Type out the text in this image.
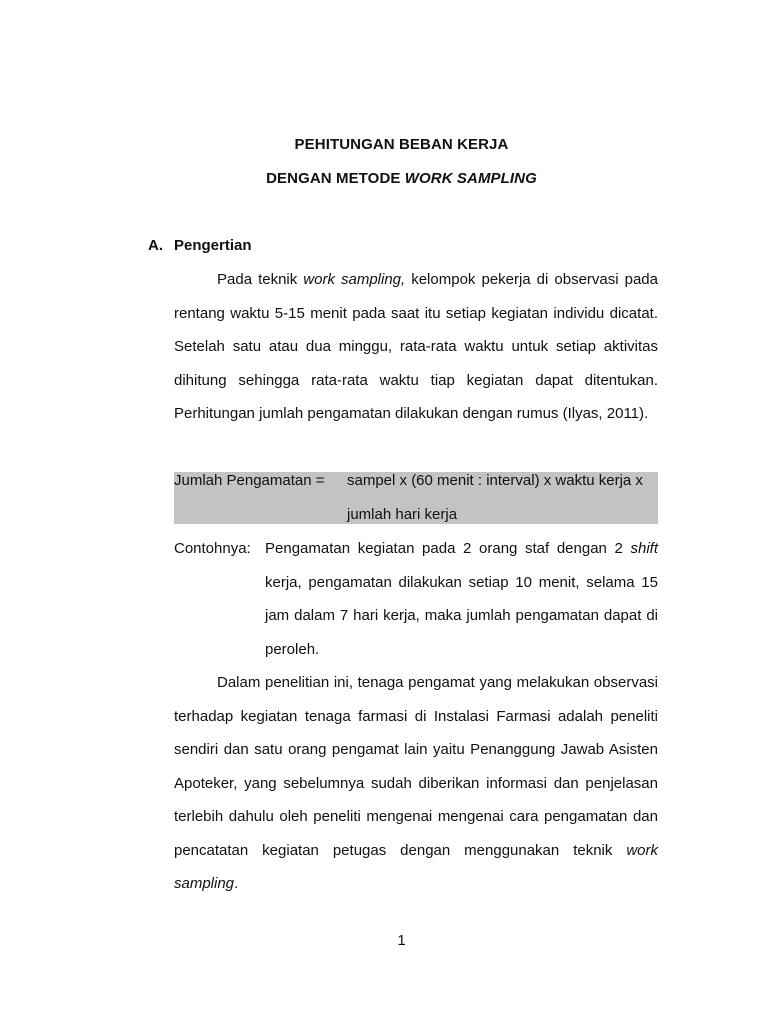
PEHITUNGAN BEBAN KERJA
DENGAN METODE WORK SAMPLING
A. Pengertian

Pada teknik work sampling, kelompok pekerja di observasi pada rentang waktu 5-15 menit pada saat itu setiap kegiatan individu dicatat. Setelah satu atau dua minggu, rata-rata waktu untuk setiap aktivitas dihitung sehingga rata-rata waktu tiap kegiatan dapat ditentukan. Perhitungan jumlah pengamatan dilakukan dengan rumus (Ilyas, 2011).

Jumlah Pengamatan = sampel x (60 menit : interval) x waktu kerja x jumlah hari kerja
Contohnya: Pengamatan kegiatan pada 2 orang staf dengan 2 shift kerja, pengamatan dilakukan setiap 10 menit, selama 15 jam dalam 7 hari kerja, maka jumlah pengamatan dapat di peroleh.

Dalam penelitian ini, tenaga pengamat yang melakukan observasi terhadap kegiatan tenaga farmasi di Instalasi Farmasi adalah peneliti sendiri dan satu orang pengamat lain yaitu Penanggung Jawab Asisten Apoteker, yang sebelumnya sudah diberikan informasi dan penjelasan terlebih dahulu oleh peneliti mengenai mengenai cara pengamatan dan pencatatan kegiatan petugas dengan menggunakan teknik work sampling.

1
